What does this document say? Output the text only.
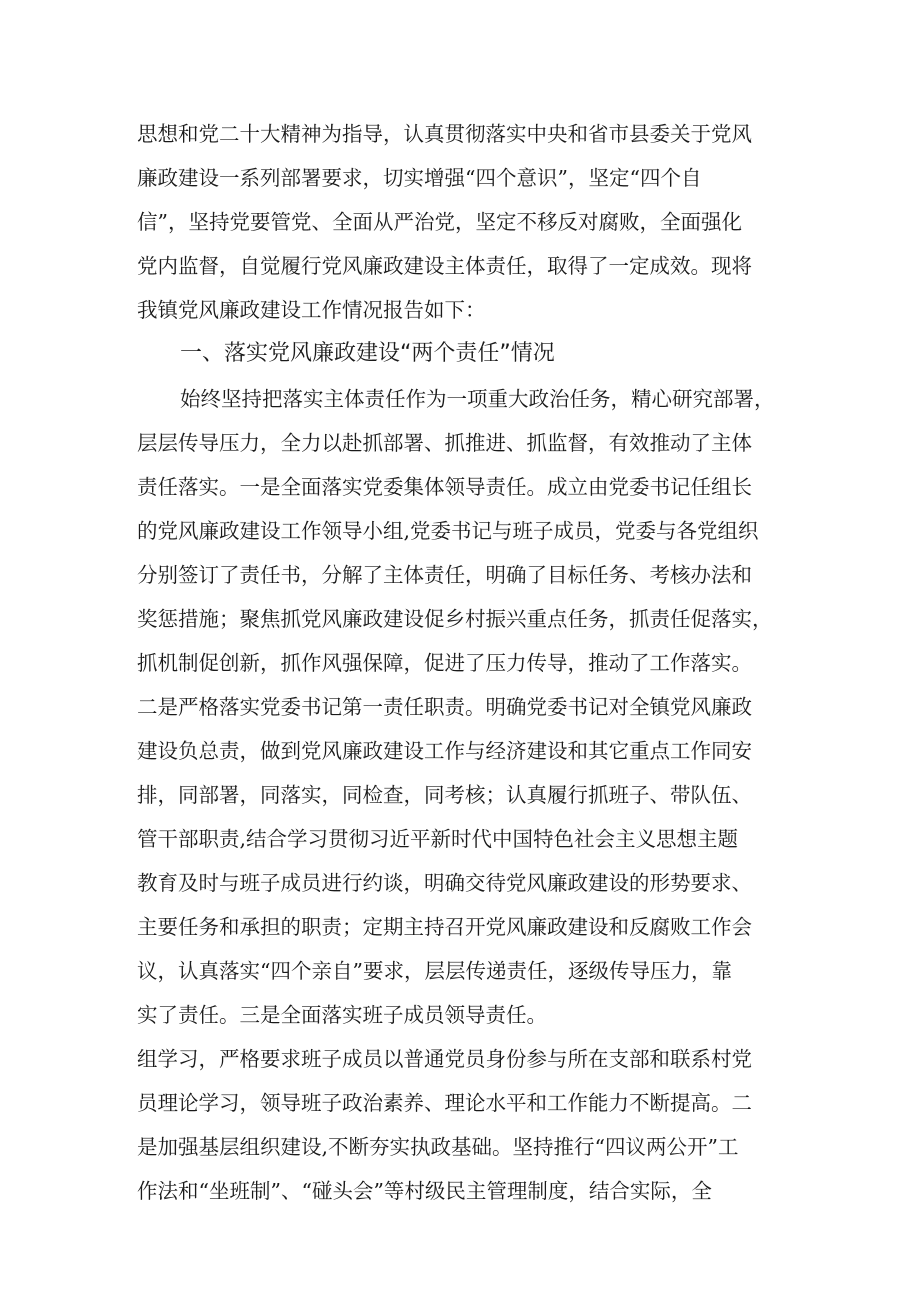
思想和党二十大精神为指导，认真贯彻落实中央和省市县委关于党风
廉政建设一系列部署要求，切实增强“四个意识”，坚定“四个自
信”，坚持党要管党、全面从严治党，坚定不移反对腐败，全面强化
党内监督，自觉履行党风廉政建设主体责任，取得了一定成效。现将
我镇党风廉政建设工作情况报告如下：
一、落实党风廉政建设“两个责任”情况
始终坚持把落实主体责任作为一项重大政治任务，精心研究部署，
层层传导压力，全力以赴抓部署、抓推进、抓监督，有效推动了主体
责任落实。一是全面落实党委集体领导责任。成立由党委书记任组长
的党风廉政建设工作领导小组,党委书记与班子成员，党委与各党组织
分别签订了责任书，分解了主体责任，明确了目标任务、考核办法和
奖惩措施；聚焦抓党风廉政建设促乡村振兴重点任务，抓责任促落实，
抓机制促创新，抓作风强保障，促进了压力传导，推动了工作落实。
二是严格落实党委书记第一责任职责。明确党委书记对全镇党风廉政
建设负总责，做到党风廉政建设工作与经济建设和其它重点工作同安
排，同部署，同落实，同检查，同考核；认真履行抓班子、带队伍、
管干部职责,结合学习贯彻习近平新时代中国特色社会主义思想主题
教育及时与班子成员进行约谈，明确交待党风廉政建设的形势要求、
主要任务和承担的职责；定期主持召开党风廉政建设和反腐败工作会
议，认真落实“四个亲自”要求，层层传递责任，逐级传导压力，靠
实了责任。三是全面落实班子成员领导责任。
组学习，严格要求班子成员以普通党员身份参与所在支部和联系村党
员理论学习，领导班子政治素养、理论水平和工作能力不断提高。二
是加强基层组织建设,不断夯实执政基础。坚持推行“四议两公开”工
作法和“坐班制”、“碰头会”等村级民主管理制度，结合实际，全
